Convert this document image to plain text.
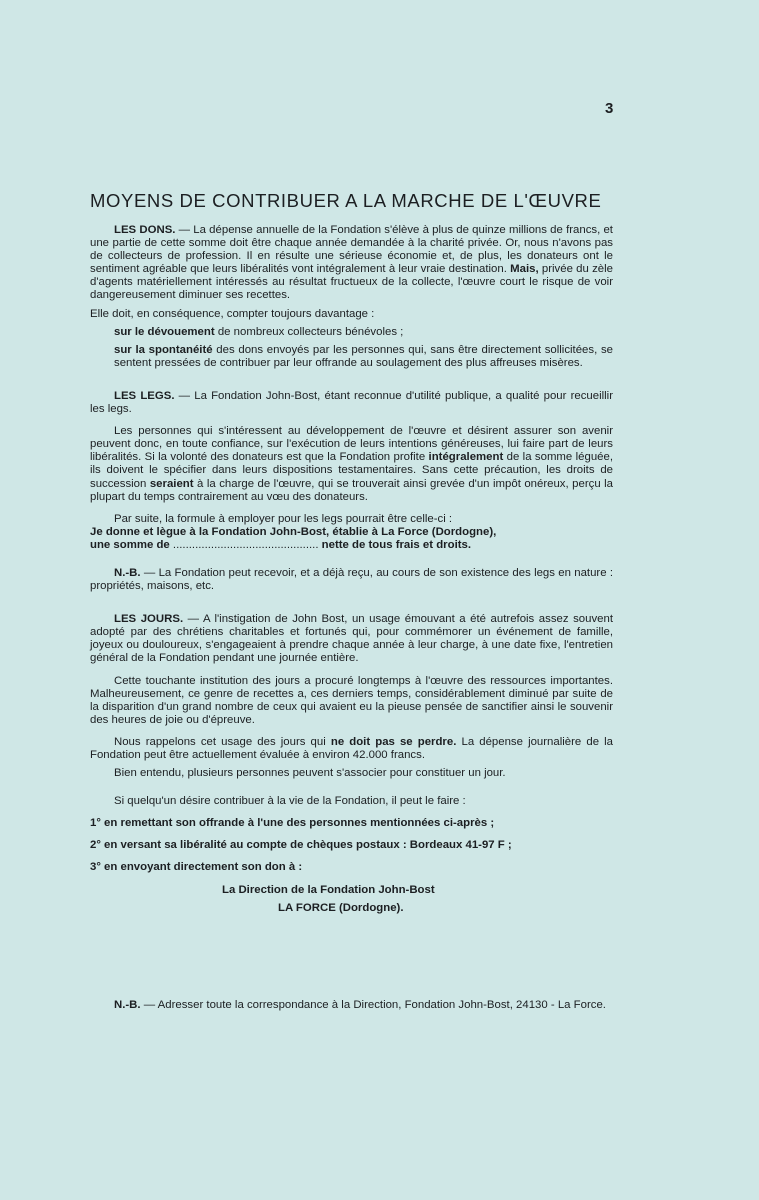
3
MOYENS DE CONTRIBUER A LA MARCHE DE L'ŒUVRE

LES DONS. — La dépense annuelle de la Fondation s'élève à plus de quinze millions de francs, et une partie de cette somme doit être chaque année demandée à la charité privée. Or, nous n'avons pas de collecteurs de profession. Il en résulte une sérieuse économie et, de plus, les donateurs ont le sentiment agréable que leurs libéralités vont intégralement à leur vraie destination. Mais, privée du zèle d'agents matériellement intéressés au résultat fructueux de la collecte, l'œuvre court le risque de voir dangereusement diminuer ses recettes.

Elle doit, en conséquence, compter toujours davantage :

sur le dévouement de nombreux collecteurs bénévoles ;

sur la spontanéité des dons envoyés par les personnes qui, sans être directement sollicitées, se sentent pressées de contribuer par leur offrande au soulagement des plus affreuses misères.

LES LEGS. — La Fondation John-Bost, étant reconnue d'utilité publique, a qualité pour recueillir les legs.

Les personnes qui s'intéressent au développement de l'œuvre et désirent assurer son avenir peuvent donc, en toute confiance, sur l'exécution de leurs intentions généreuses, lui faire part de leurs libéralités. Si la volonté des donateurs est que la Fondation profite intégralement de la somme léguée, ils doivent le spécifier dans leurs dispositions testamentaires. Sans cette précaution, les droits de succession seraient à la charge de l'œuvre, qui se trouverait ainsi grevée d'un impôt onéreux, perçu la plupart du temps contrairement au vœu des donateurs.

Par suite, la formule à employer pour les legs pourrait être celle-ci :

Je donne et lègue à la Fondation John-Bost, établie à La Force (Dordogne),

une somme de .............................................. nette de tous frais et droits.

N.-B. — La Fondation peut recevoir, et a déjà reçu, au cours de son existence des legs en nature : propriétés, maisons, etc.

LES JOURS. — A l'instigation de John Bost, un usage émouvant a été autrefois assez souvent adopté par des chrétiens charitables et fortunés qui, pour commémorer un événement de famille, joyeux ou douloureux, s'engageaient à prendre chaque année à leur charge, à une date fixe, l'entretien général de la Fondation pendant une journée entière.

Cette touchante institution des jours a procuré longtemps à l'œuvre des ressources importantes. Malheureusement, ce genre de recettes a, ces derniers temps, considérablement diminué par suite de la disparition d'un grand nombre de ceux qui avaient eu la pieuse pensée de sanctifier ainsi le souvenir des heures de joie ou d'épreuve.

Nous rappelons cet usage des jours qui ne doit pas se perdre. La dépense journalière de la Fondation peut être actuellement évaluée à environ 42.000 francs.

Bien entendu, plusieurs personnes peuvent s'associer pour constituer un jour.

Si quelqu'un désire contribuer à la vie de la Fondation, il peut le faire :

1° en remettant son offrande à l'une des personnes mentionnées ci-après ;

2° en versant sa libéralité au compte de chèques postaux : Bordeaux 41-97 F ;

3° en envoyant directement son don à :

La Direction de la Fondation John-Bost

LA FORCE (Dordogne).

N.-B. — Adresser toute la correspondance à la Direction, Fondation John-Bost, 24130 - La Force.
